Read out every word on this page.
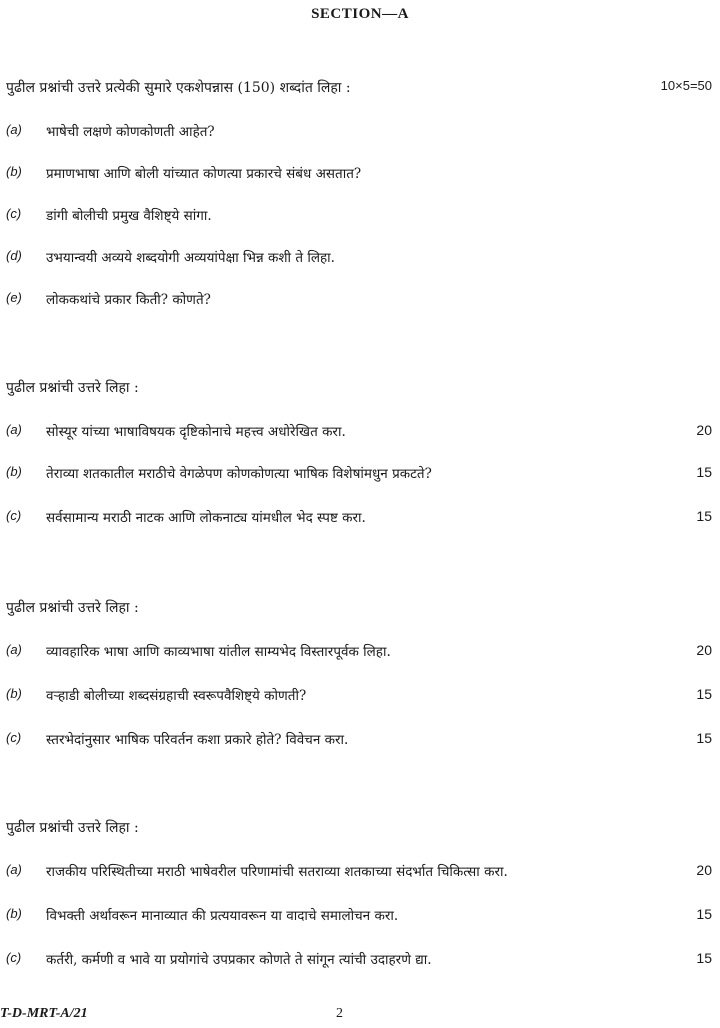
SECTION—A
पुढील प्रश्नांची उत्तरे प्रत्येकी सुमारे एकशेपन्नास (150) शब्दांत लिहा :	10×5=50
(a) भाषेची लक्षणे कोणकोणती आहेत?
(b) प्रमाणभाषा आणि बोली यांच्यात कोणत्या प्रकारचे संबंध असतात?
(c) डांगी बोलीची प्रमुख वैशिष्ट्ये सांगा.
(d) उभयान्वयी अव्यये शब्दयोगी अव्ययांपेक्षा भिन्न कशी ते लिहा.
(e) लोककथांचे प्रकार किती? कोणते?
पुढील प्रश्नांची उत्तरे लिहा :
(a) सोस्यूर यांच्या भाषाविषयक दृष्टिकोनाचे महत्त्व अधोरेखित करा.	20
(b) तेराव्या शतकातील मराठीचे वेगळेपण कोणकोणत्या भाषिक विशेषांमधुन प्रकटते?	15
(c) सर्वसामान्य मराठी नाटक आणि लोकनाट्य यांमधील भेद स्पष्ट करा.	15
पुढील प्रश्नांची उत्तरे लिहा :
(a) व्यावहारिक भाषा आणि काव्यभाषा यांतील साम्यभेद विस्तारपूर्वक लिहा.	20
(b) वऱ्हाडी बोलीच्या शब्दसंग्रहाची स्वरूपवैशिष्ट्ये कोणती?	15
(c) स्तरभेदांनुसार भाषिक परिवर्तन कशा प्रकारे होते? विवेचन करा.	15
पुढील प्रश्नांची उत्तरे लिहा :
(a) राजकीय परिस्थितीच्या मराठी भाषेवरील परिणामांची सतराव्या शतकाच्या संदर्भात चिकित्सा करा.	20
(b) विभक्ती अर्थावरून मानाव्यात की प्रत्ययावरून या वादाचे समालोचन करा.	15
(c) कर्तरी, कर्मणी व भावे या प्रयोगांचे उपप्रकार कोणते ते सांगून त्यांची उदाहरणे द्या.	15
T-D-MRT-A/21	2
